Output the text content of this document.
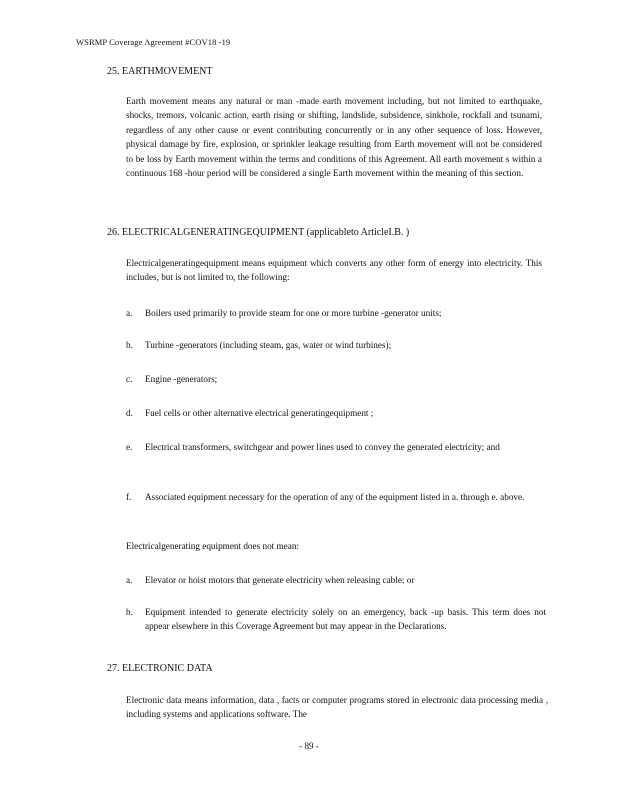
WSRMP Coverage Agreement #COV18 -19
25. EARTHMOVEMENT
Earth movement means any natural or man -made earth movement including, but not limited to earthquake, shocks, tremors, volcanic action, earth rising or shifting, landslide, subsidence, sinkhole, rockfall and tsunami, regardless of any other cause or event contributing concurrently or in any other sequence of loss. However, physical damage by fire, explosion, or sprinkler leakage resulting from Earth movement will not be considered to be loss by Earth movement within the terms and conditions of this Agreement. All earth movement s within a continuous 168 -hour period will be considered a single Earth movement within the meaning of this section.
26. ELECTRICALGENERATINGEQUIPMENT (applicableto ArticleI.B. )
Electricalgeneratingequipment means equipment which converts any other form of energy into electricity. This includes, but is not limited to, the following:
a.	Boilers used primarily to provide steam for one or more turbine -generator units;
b.	Turbine -generators (including steam, gas, water or wind turbines);
c.	Engine -generators;
d.	Fuel cells or other alternative electrical generatingequipment ;
e.	Electrical transformers, switchgear and power lines used to convey the generated electricity; and
f.	Associated equipment necessary for the operation of any of the equipment listed in a. through e. above.
Electricalgenerating equipment does not mean:
a.	Elevator or hoist motors that generate electricity when releasing cable; or
b.	Equipment intended to generate electricity solely on an emergency, back -up basis. This term does not appear elsewhere in this Coverage Agreement but may appear in the Declarations.
27. ELECTRONIC DATA
Electronic data means information, data , facts or computer programs stored in electronic data processing media , including systems and applications software. The
- 89 -
